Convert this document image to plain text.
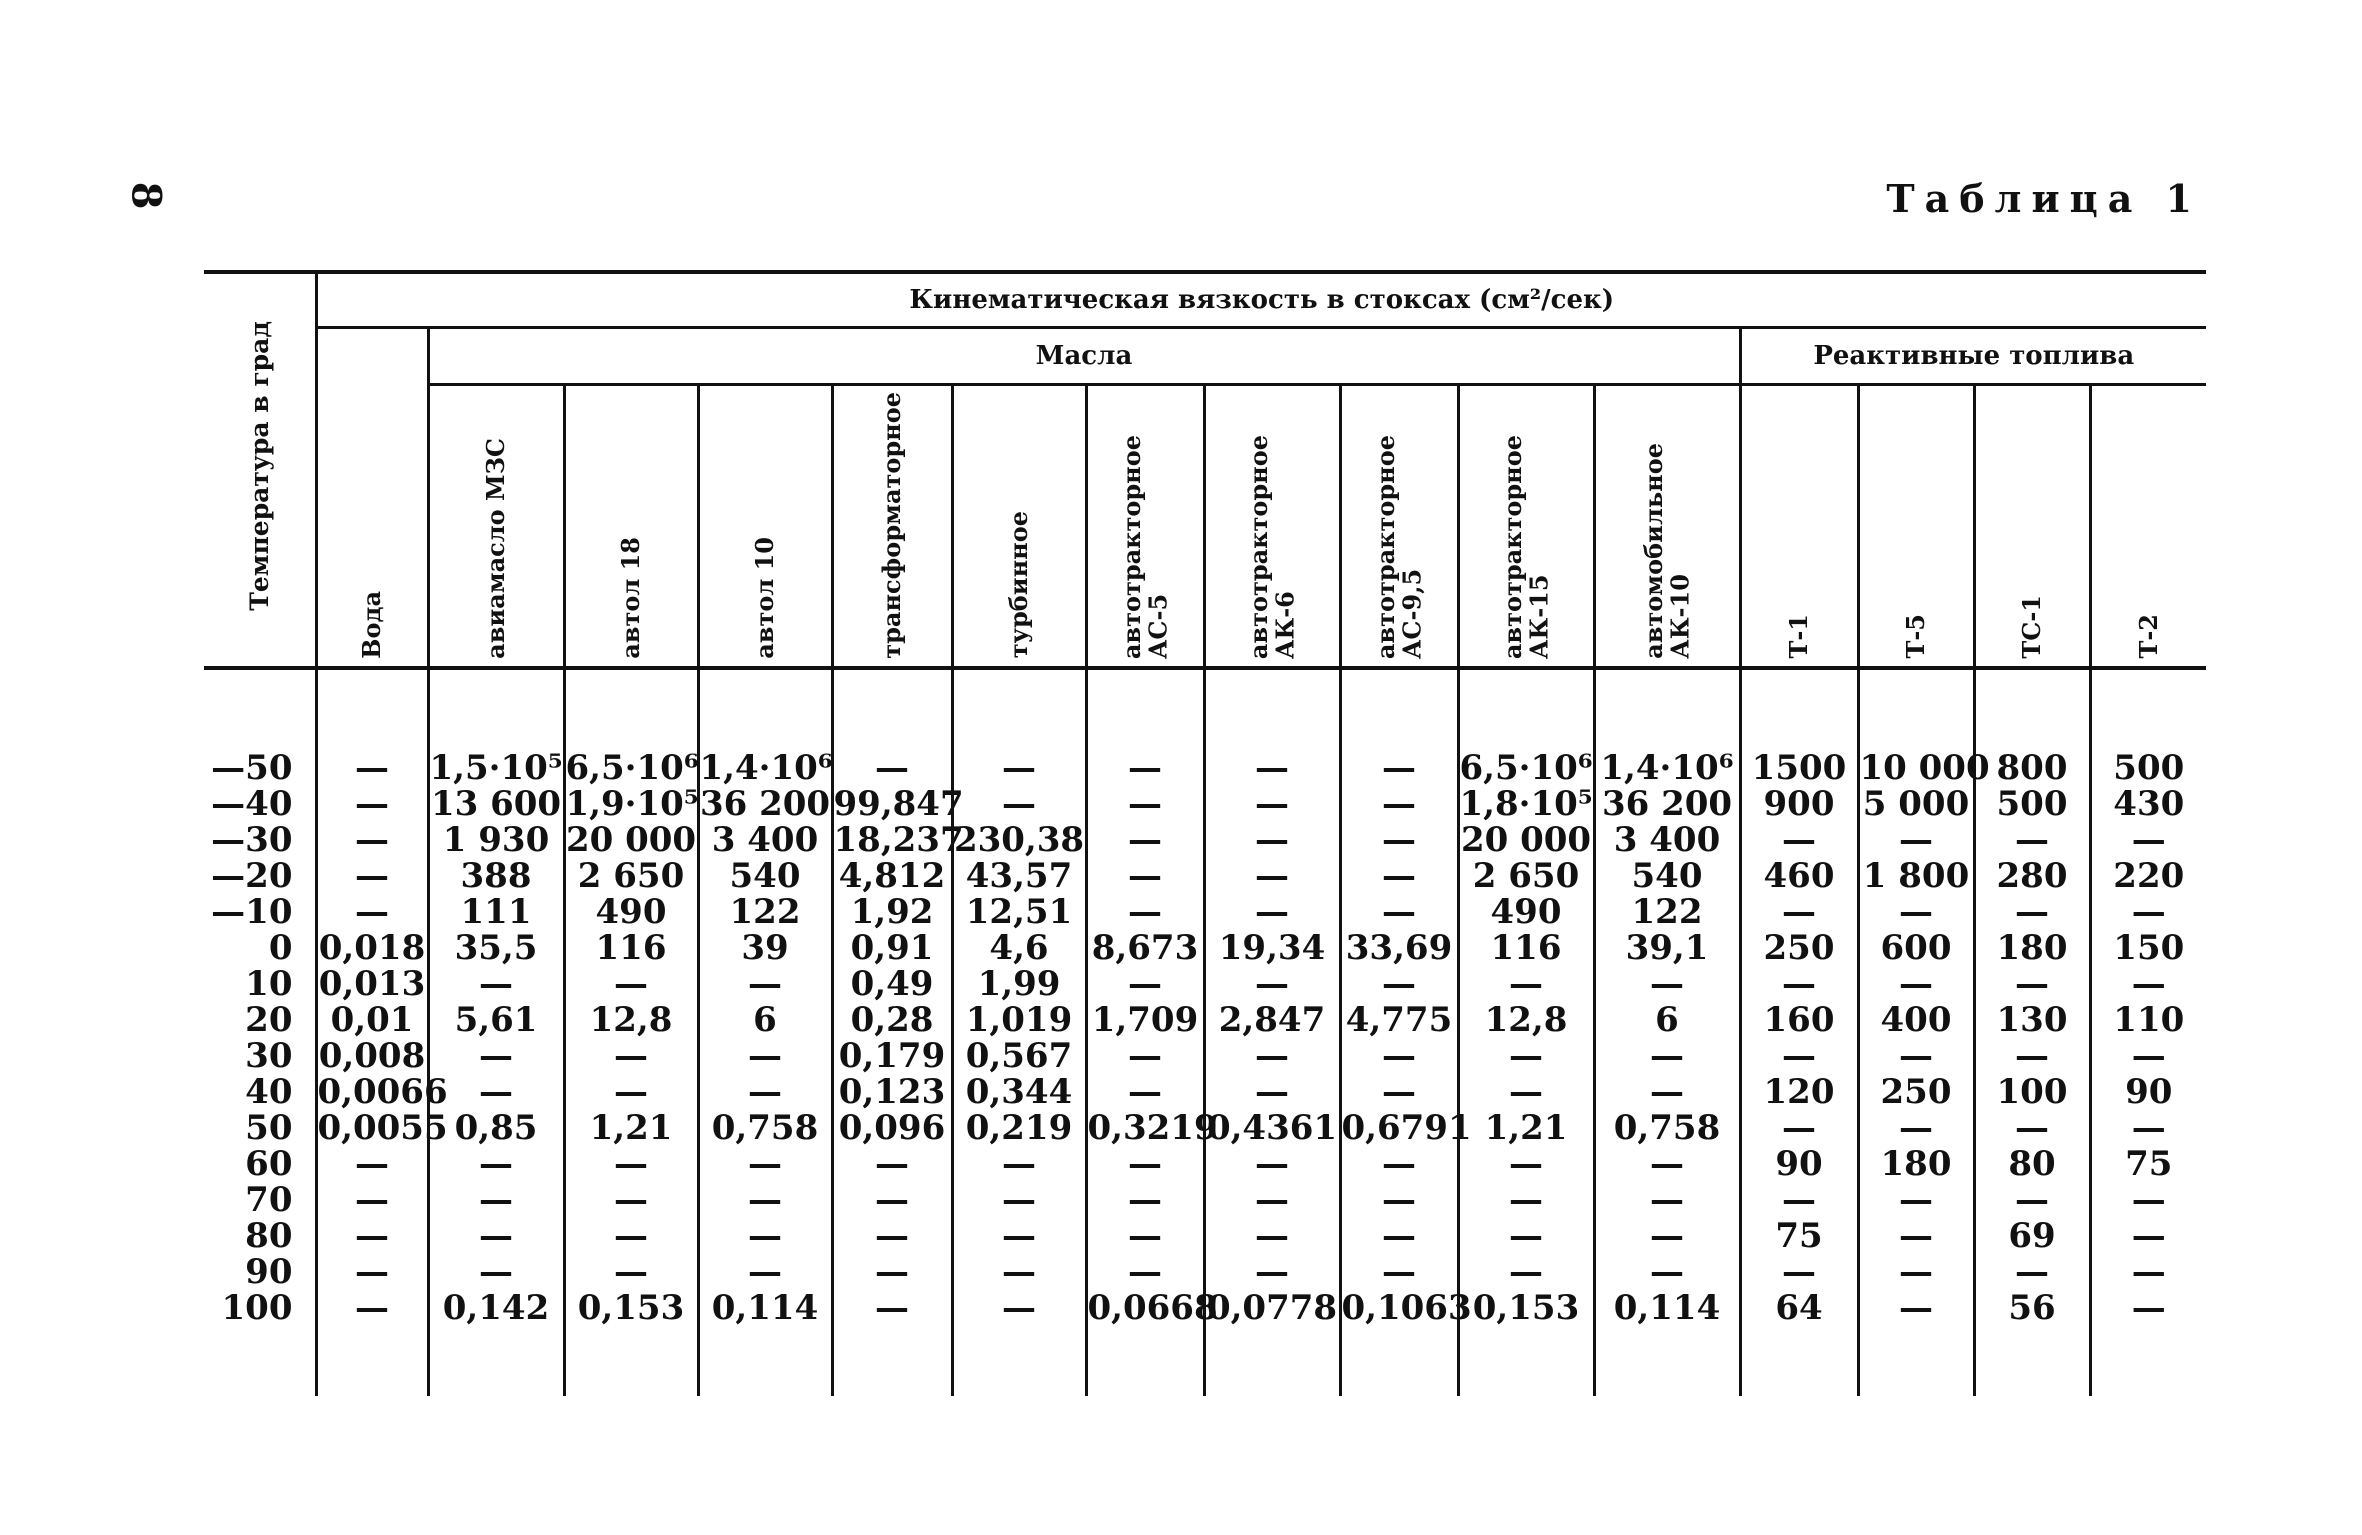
8	Таблица 1
Температура в град	Кинематическая вязкость в стоксах (см²/сек)														
	Вода	Масла										Реактивные топлива			
		авиамасло МЗС	автол 18	автол 10	трансформаторное	турбинное	автотракторное
АС-5	автотракторное
АК-6	автотракторное
АС-9,5	автотракторное
АК-15	автомобильное
АК-10	Т-1	Т-5	ТС-1	Т-2

—50	—	1,5·10⁵	6,5·10⁶	1,4·10⁶	—	—	—	—	—	6,5·10⁶	1,4·10⁶	1500	10 000	800	500
—40	—	13 600	1,9·10⁵	36 200	99,847	—	—	—	—	1,8·10⁵	36 200	900	5 000	500	430
—30	—	1 930	20 000	3 400	18,237	230,38	—	—	—	20 000	3 400	—	—	—	—
—20	—	388	2 650	540	4,812	43,57	—	—	—	2 650	540	460	1 800	280	220
—10	—	111	490	122	1,92	12,51	—	—	—	490	122	—	—	—	—
0	0,018	35,5	116	39	0,91	4,6	8,673	19,34	33,69	116	39,1	250	600	180	150
10	0,013	—	—	—	0,49	1,99	—	—	—	—	—	—	—	—	—
20	0,01	5,61	12,8	6	0,28	1,019	1,709	2,847	4,775	12,8	6	160	400	130	110
30	0,008	—	—	—	0,179	0,567	—	—	—	—	—	—	—	—	—
40	0,0066	—	—	—	0,123	0,344	—	—	—	—	—	120	250	100	90
50	0,0055	0,85	1,21	0,758	0,096	0,219	0,3219	0,4361	0,6791	1,21	0,758	—	—	—	—
60	—	—	—	—	—	—	—	—	—	—	—	90	180	80	75
70	—	—	—	—	—	—	—	—	—	—	—	—	—	—	—
80	—	—	—	—	—	—	—	—	—	—	—	75	—	69	—
90	—	—	—	—	—	—	—	—	—	—	—	—	—	—	—
100	—	0,142	0,153	0,114	—	—	0,0668	0,0778	0,1063	0,153	0,114	64	—	56	—
